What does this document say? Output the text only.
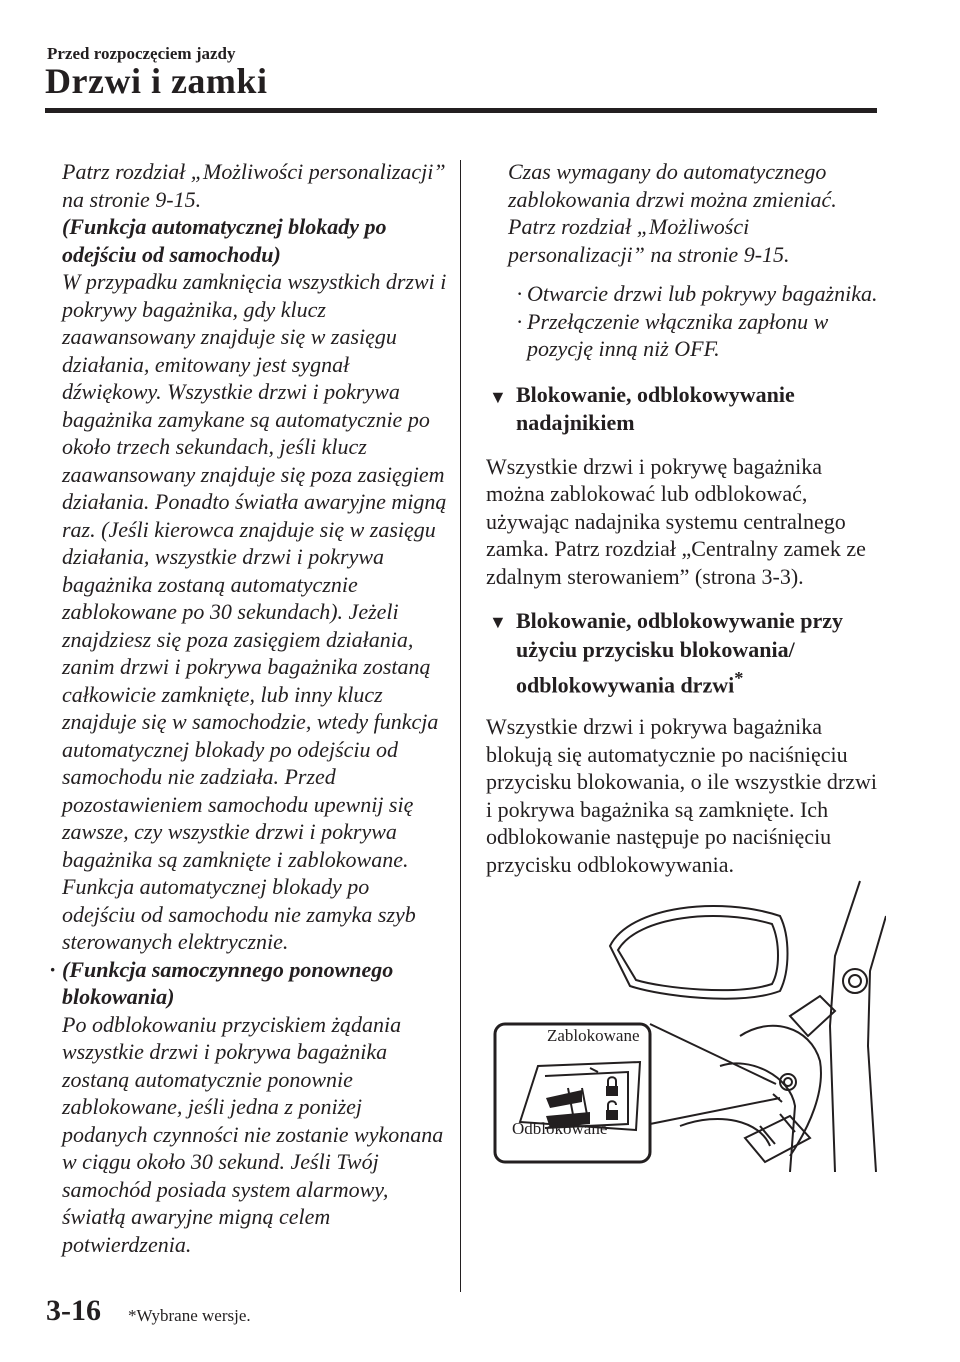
Przed rozpoczęciem jazdy
Drzwi i zamki

Patrz rozdział „Możliwości personalizacji” na stronie 9-15.

(Funkcja automatycznej blokady po odejściu od samochodu)

W przypadku zamknięcia wszystkich drzwi i pokrywy bagażnika, gdy klucz zaawansowany znajduje się w zasięgu działania, emitowany jest sygnał dźwiękowy. Wszystkie drzwi i pokrywa bagażnika zamykane są automatycznie po około trzech sekundach, jeśli klucz zaawansowany znajduje się poza zasięgiem działania. Ponadto światła awaryjne migną raz. (Jeśli kierowca znajduje się w zasięgu działania, wszystkie drzwi i pokrywa bagażnika zostaną automatycznie zablokowane po 30 sekundach). Jeżeli znajdziesz się poza zasięgiem działania, zanim drzwi i pokrywa bagażnika zostaną całkowicie zamknięte, lub inny klucz znajduje się w samochodzie, wtedy funkcja automatycznej blokady po odejściu od samochodu nie zadziała. Przed pozostawieniem samochodu upewnij się zawsze, czy wszystkie drzwi i pokrywa bagażnika są zamknięte i zablokowane. Funkcja automatycznej blokady po odejściu od samochodu nie zamyka szyb sterowanych elektrycznie.

· (Funkcja samoczynnego ponownego blokowania)

Po odblokowaniu przyciskiem żądania wszystkie drzwi i pokrywa bagażnika zostaną automatycznie ponownie zablokowane, jeśli jedna z poniżej podanych czynności nie zostanie wykonana w ciągu około 30 sekund. Jeśli Twój samochód posiada system alarmowy, światłą awaryjne migną celem potwierdzenia.

Czas wymagany do automatycznego zablokowania drzwi można zmieniać. Patrz rozdział „Możliwości personalizacji” na stronie 9-15.

· Otwarcie drzwi lub pokrywy bagażnika.

· Przełączenie włącznika zapłonu w pozycję inną niż OFF.

▼ Blokowanie, odblokowywanie nadajnikiem

Wszystkie drzwi i pokrywę bagażnika można zablokować lub odblokować, używając nadajnika systemu centralnego zamka. Patrz rozdział „Centralny zamek ze zdalnym sterowaniem” (strona 3-3).

▼ Blokowanie, odblokowywanie przy użyciu przycisku blokowania/ odblokowywania drzwi*

Wszystkie drzwi i pokrywa bagażnika blokują się automatycznie po naciśnięciu przycisku blokowania, o ile wszystkie drzwi i pokrywa bagażnika są zamknięte. Ich odblokowanie następuje po naciśnięciu przycisku odblokowywania.

Zablokowane
Odblokowane
3-16 *Wybrane wersje.
